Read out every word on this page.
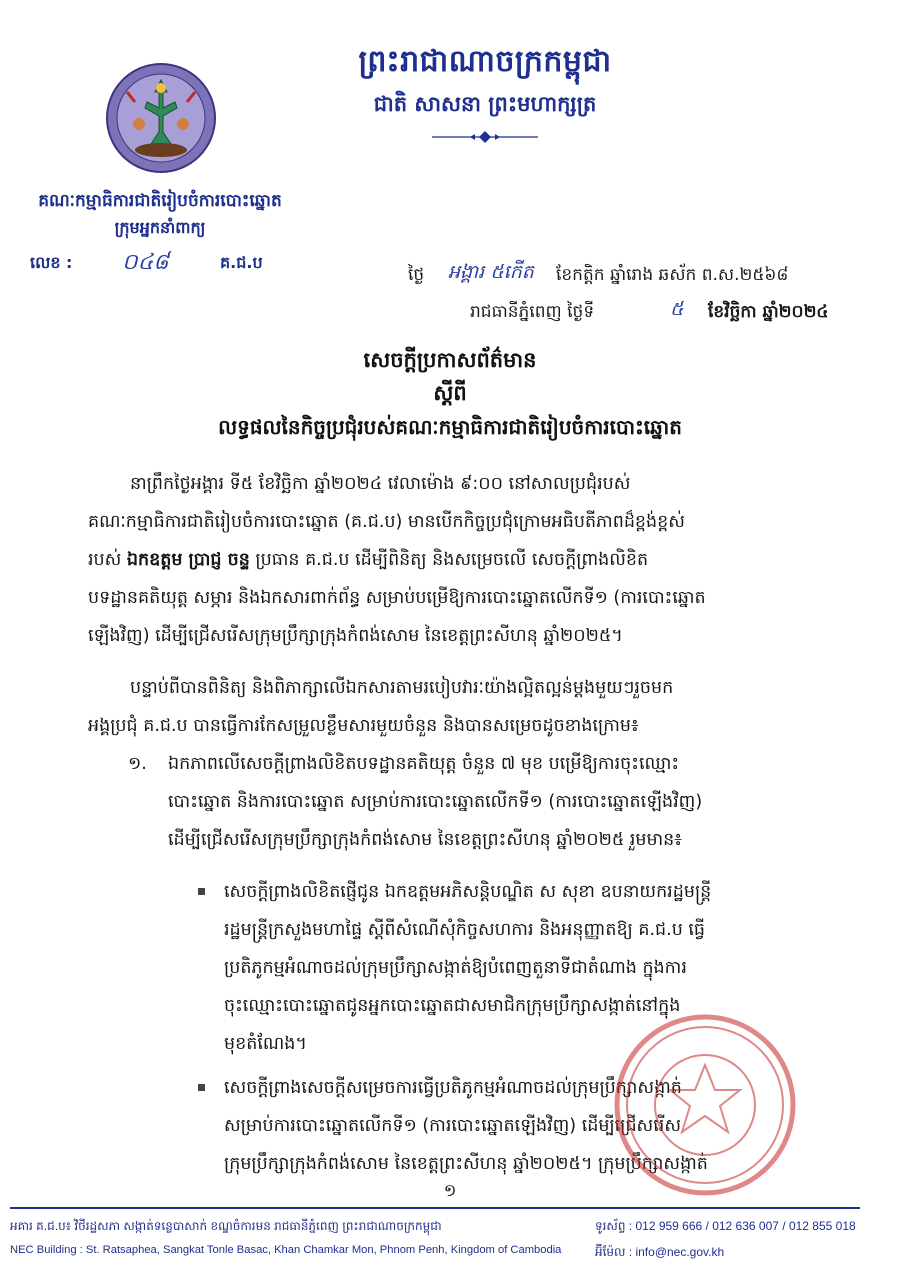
ព្រះរាជាណាចក្រកម្ពុជា
ជាតិ សាសនា ព្រះមហាក្សត្រ
គណៈកម្មាធិការជាតិរៀបចំការបោះឆ្នោត
ក្រុមអ្នកនាំពាក្យ
លេខ : ០៤៨	គ.ជ.ប
ថ្ងៃ អង្គារ ៥កើត ខែកត្តិក ឆ្នាំរោង ឆស័ក ព.ស.២៥៦៨
រាជធានីភ្នំពេញ ថ្ងៃទី	៥ ខែវិច្ឆិកា ឆ្នាំ២០២៤
សេចក្តីប្រកាសព័ត៌មាន
ស្តីពី
លទ្ធផលនៃកិច្ចប្រជុំរបស់គណៈកម្មាធិការជាតិរៀបចំការបោះឆ្នោត
នាព្រឹកថ្ងៃអង្គារ ទី៥ ខែវិច្ឆិកា ឆ្នាំ២០២៤ វេលាម៉ោង ៩:០០ នៅសាលប្រជុំរបស់
គណៈកម្មាធិការជាតិរៀបចំការបោះឆ្នោត (គ.ជ.ប) មានបើកកិច្ចប្រជុំក្រោមអធិបតីភាពដ៏ខ្ពង់ខ្ពស់
របស់ ឯកឧត្តម ប្រាជ្ញ ចន្ទ ប្រធាន គ.ជ.ប ដើម្បីពិនិត្យ និងសម្រេចលើ សេចក្តីព្រាងលិខិត
បទដ្ឋានគតិយុត្ត សម្ភារ និងឯកសារពាក់ព័ន្ធ សម្រាប់បម្រើឱ្យការបោះឆ្នោតលើកទី១ (ការបោះឆ្នោត
ឡើងវិញ) ដើម្បីជ្រើសរើសក្រុមប្រឹក្សាក្រុងកំពង់សោម នៃខេត្តព្រះសីហនុ ឆ្នាំ២០២៥។
បន្ទាប់ពីបានពិនិត្យ និងពិភាក្សាលើឯកសារតាមរបៀបវារៈយ៉ាងល្អិតល្អន់ម្តងមួយៗរួចមក
អង្គប្រជុំ គ.ជ.ប បានធ្វើការកែសម្រួលខ្លឹមសារមួយចំនួន និងបានសម្រេចដូចខាងក្រោម៖
១. ឯកភាពលើសេចក្តីព្រាងលិខិតបទដ្ឋានគតិយុត្ត ចំនួន ៧ មុខ បម្រើឱ្យការចុះឈ្មោះ
បោះឆ្នោត និងការបោះឆ្នោត សម្រាប់ការបោះឆ្នោតលើកទី១ (ការបោះឆ្នោតឡើងវិញ)
ដើម្បីជ្រើសរើសក្រុមប្រឹក្សាក្រុងកំពង់សោម នៃខេត្តព្រះសីហនុ ឆ្នាំ២០២៥ រួមមាន៖
សេចក្តីព្រាងលិខិតផ្ញើជូន ឯកឧត្តមអភិសន្តិបណ្ឌិត ស សុខា ឧបនាយករដ្ឋមន្ត្រី
រដ្ឋមន្ត្រីក្រសួងមហាផ្ទៃ ស្តីពីសំណើសុំកិច្ចសហការ និងអនុញ្ញាតឱ្យ គ.ជ.ប ធ្វើ
ប្រតិភូកម្មអំណាចដល់ក្រុមប្រឹក្សាសង្កាត់ឱ្យបំពេញតួនាទីជាតំណាង ក្នុងការ
ចុះឈ្មោះបោះឆ្នោតជូនអ្នកបោះឆ្នោតជាសមាជិកក្រុមប្រឹក្សាសង្កាត់នៅក្នុង
មុខតំណែង។
សេចក្តីព្រាងសេចក្តីសម្រេចការធ្វើប្រតិភូកម្មអំណាចដល់ក្រុមប្រឹក្សាសង្កាត់
សម្រាប់ការបោះឆ្នោតលើកទី១ (ការបោះឆ្នោតឡើងវិញ) ដើម្បីជ្រើសរើស
ក្រុមប្រឹក្សាក្រុងកំពង់សោម នៃខេត្តព្រះសីហនុ ឆ្នាំ២០២៥។ ក្រុមប្រឹក្សាសង្កាត់
១
អគារ គ.ជ.ប៖ វិថីរដ្ឋសភា សង្កាត់ទន្លេបាសាក់ ខណ្ឌចំការមន រាជធានីភ្នំពេញ ព្រះរាជាណាចក្រកម្ពុជា
NEC Building : St. Ratsaphea, Sangkat Tonle Basac, Khan Chamkar Mon, Phnom Penh, Kingdom of Cambodia
ទូរស័ព្ទ : 012 959 666 / 012 636 007 / 012 855 018
អ៊ីម៉ែល : info@nec.gov.kh
